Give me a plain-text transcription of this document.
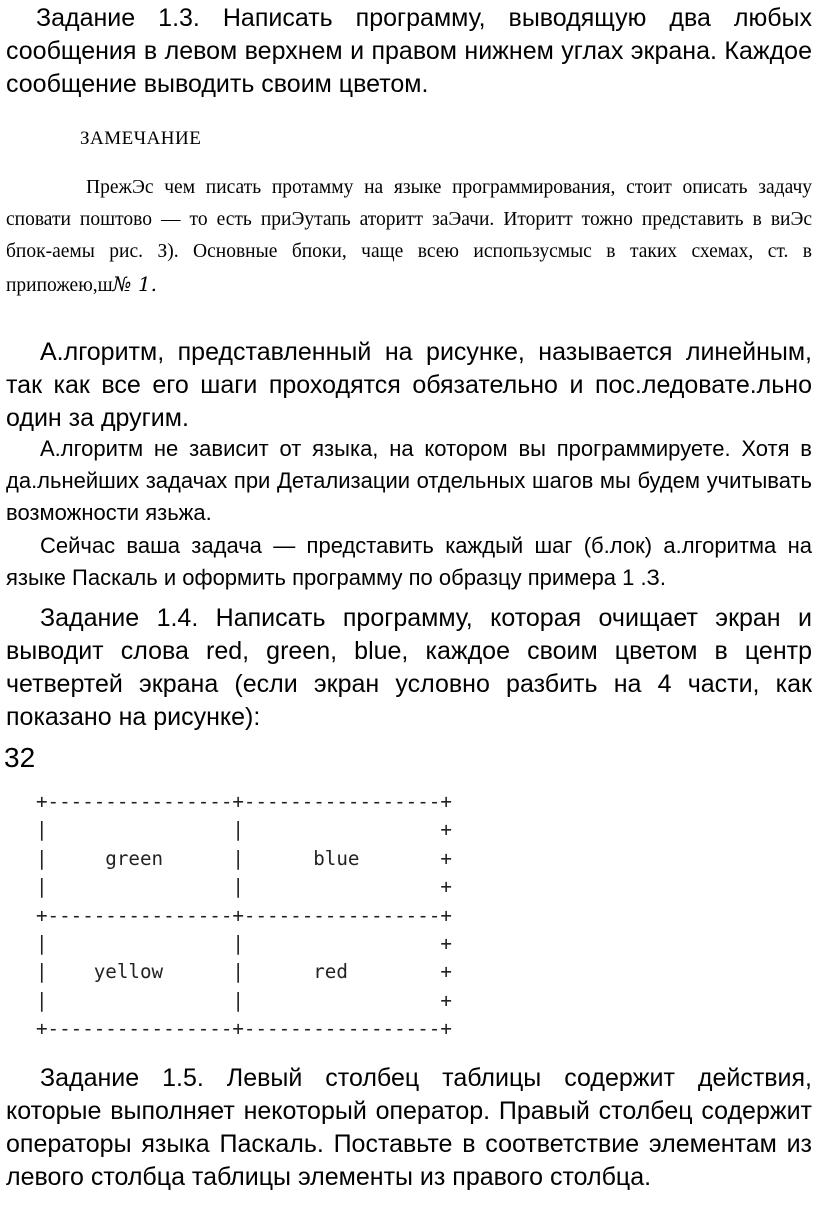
Задание 1.3. Написать программу, выводящую два любых сообщения в левом верхнем и правом нижнем углах экрана. Каждое сообщение выводить своим цветом.

ЗАМЕЧАНИЕ

ПрежЭс чем писать протамму на языке программирования, стоит описать задачу сповати поштово — то есть приЭутапь аторитт заЭачи. Иторитт тожно представить в виЭс бпок-аемы рис. З). Основные бпоки, чаще всею испопьзусмыс в таких схемах, ст. в припожею,ш№ 1.

А.лгоритм, представленный на рисунке, называется линейным, так как все его шаги проходятся обязательно и пос.ледовате.льно один за другим.

А.лгоритм не зависит от языка, на котором вы программируете. Хотя в да.льнейших задачах при Детализации отдельных шагов мы будем учитывать возможности язьжа.

Сейчас ваша задача — представить каждый шаг (б.лок) а.лгоритма на языке Паскаль и оформить программу по образцу примера 1 .З.

Задание 1.4. Написать программу, которая очищает экран и выводит слова red, green, blue, каждое своим цветом в центр четвертей экрана (если экран условно разбить на 4 части, как показано на рисунке):

32
+----------------+-----------------+
|                |                 +
|     green      |      blue       +
|                |                 +
+----------------+-----------------+
|                |                 +
|    yellow      |      red        +
|                |                 +
+----------------+-----------------+

Задание 1.5. Левый столбец таблицы содержит действия, которые выполняет некоторый оператор. Правый столбец содержит операторы языка Паскаль. Поставьте в соответствие элементам из левого столбца таблицы элементы из правого столбца.
